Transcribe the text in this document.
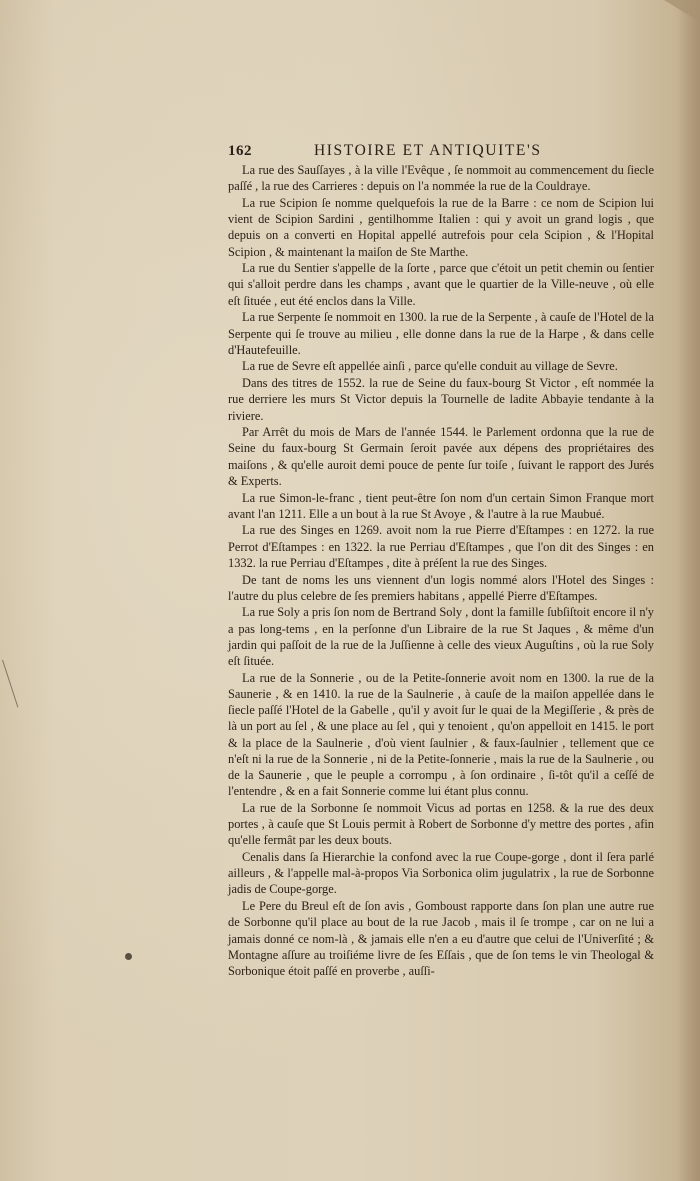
162	HISTOIRE ET ANTIQUITE'S

La rue des Sauſſayes , à la ville l'Evêque , ſe nommoit au commencement du ſiecle paſſé , la rue des Carrieres : depuis on l'a nommée la rue de la Couldraye.

La rue Scipion ſe nomme quelquefois la rue de la Barre : ce nom de Scipion lui vient de Scipion Sardini , gentilhomme Italien : qui y avoit un grand logis , que depuis on a converti en Hopital appellé autrefois pour cela Scipion , & l'Hopital Scipion , & maintenant la maiſon de Ste Marthe.

La rue du Sentier s'appelle de la ſorte , parce que c'étoit un petit chemin ou ſentier qui s'alloit perdre dans les champs , avant que le quartier de la Ville-neuve , où elle eſt ſituée , eut été enclos dans la Ville.

La rue Serpente ſe nommoit en 1300. la rue de la Serpente , à cauſe de l'Hotel de la Serpente qui ſe trouve au milieu , elle donne dans la rue de la Harpe , & dans celle d'Hautefeuille.

La rue de Sevre eſt appellée ainſi , parce qu'elle conduit au village de Sevre.

Dans des titres de 1552. la rue de Seine du faux-bourg St Victor , eſt nommée la rue derriere les murs St Victor depuis la Tournelle de ladite Abbayie tendante à la riviere.

Par Arrêt du mois de Mars de l'année 1544. le Parlement ordonna que la rue de Seine du faux-bourg St Germain ſeroit pavée aux dépens des propriétaires des maiſons , & qu'elle auroit demi pouce de pente ſur toiſe , ſuivant le rapport des Jurés & Experts.

La rue Simon-le-franc , tient peut-être ſon nom d'un certain Simon Franque mort avant l'an 1211. Elle a un bout à la rue St Avoye , & l'autre à la rue Maubué.

La rue des Singes en 1269. avoit nom la rue Pierre d'Eſtampes : en 1272. la rue Perrot d'Eſtampes : en 1322. la rue Perriau d'Eſtampes , que l'on dit des Singes : en 1332. la rue Perriau d'Eſtampes , dite à préſent la rue des Singes.

De tant de noms les uns viennent d'un logis nommé alors l'Hotel des Singes : l'autre du plus celebre de ſes premiers habitans , appellé Pierre d'Eſtampes.

La rue Soly a pris ſon nom de Bertrand Soly , dont la famille ſubſiſtoit encore il n'y a pas long-tems , en la perſonne d'un Libraire de la rue St Jaques , & même d'un jardin qui paſſoit de la rue de la Juſſienne à celle des vieux Auguſtins , où la rue Soly eſt ſituée.

La rue de la Sonnerie , ou de la Petite-ſonnerie avoit nom en 1300. la rue de la Saunerie , & en 1410. la rue de la Saulnerie , à cauſe de la maiſon appellée dans le ſiecle paſſé l'Hotel de la Gabelle , qu'il y avoit ſur le quai de la Megiſſerie , & près de là un port au ſel , & une place au ſel , qui y tenoient , qu'on appelloit en 1415. le port & la place de la Saulnerie , d'où vient ſaulnier , & faux-ſaulnier , tellement que ce n'eſt ni la rue de la Sonnerie , ni de la Petite-ſonnerie , mais la rue de la Saulnerie , ou de la Saunerie , que le peuple a corrompu , à ſon ordinaire , ſi-tôt qu'il a ceſſé de l'entendre , & en a fait Sonnerie comme lui étant plus connu.

La rue de la Sorbonne ſe nommoit Vicus ad portas en 1258. & la rue des deux portes , à cauſe que St Louis permit à Robert de Sorbonne d'y mettre des portes , afin qu'elle fermât par les deux bouts.

Cenalis dans ſa Hierarchie la confond avec la rue Coupe-gorge , dont il ſera parlé ailleurs , & l'appelle mal-à-propos Via Sorbonica olim jugulatrix , la rue de Sorbonne jadis de Coupe-gorge.

Le Pere du Breul eſt de ſon avis , Gomboust rapporte dans ſon plan une autre rue de Sorbonne qu'il place au bout de la rue Jacob , mais il ſe trompe , car on ne lui a jamais donné ce nom-là , & jamais elle n'en a eu d'autre que celui de l'Univerſité ; & Montagne aſſure au troiſiéme livre de ſes Eſſais , que de ſon tems le vin Theologal & Sorbonique étoit paſſé en proverbe , auſſi-
